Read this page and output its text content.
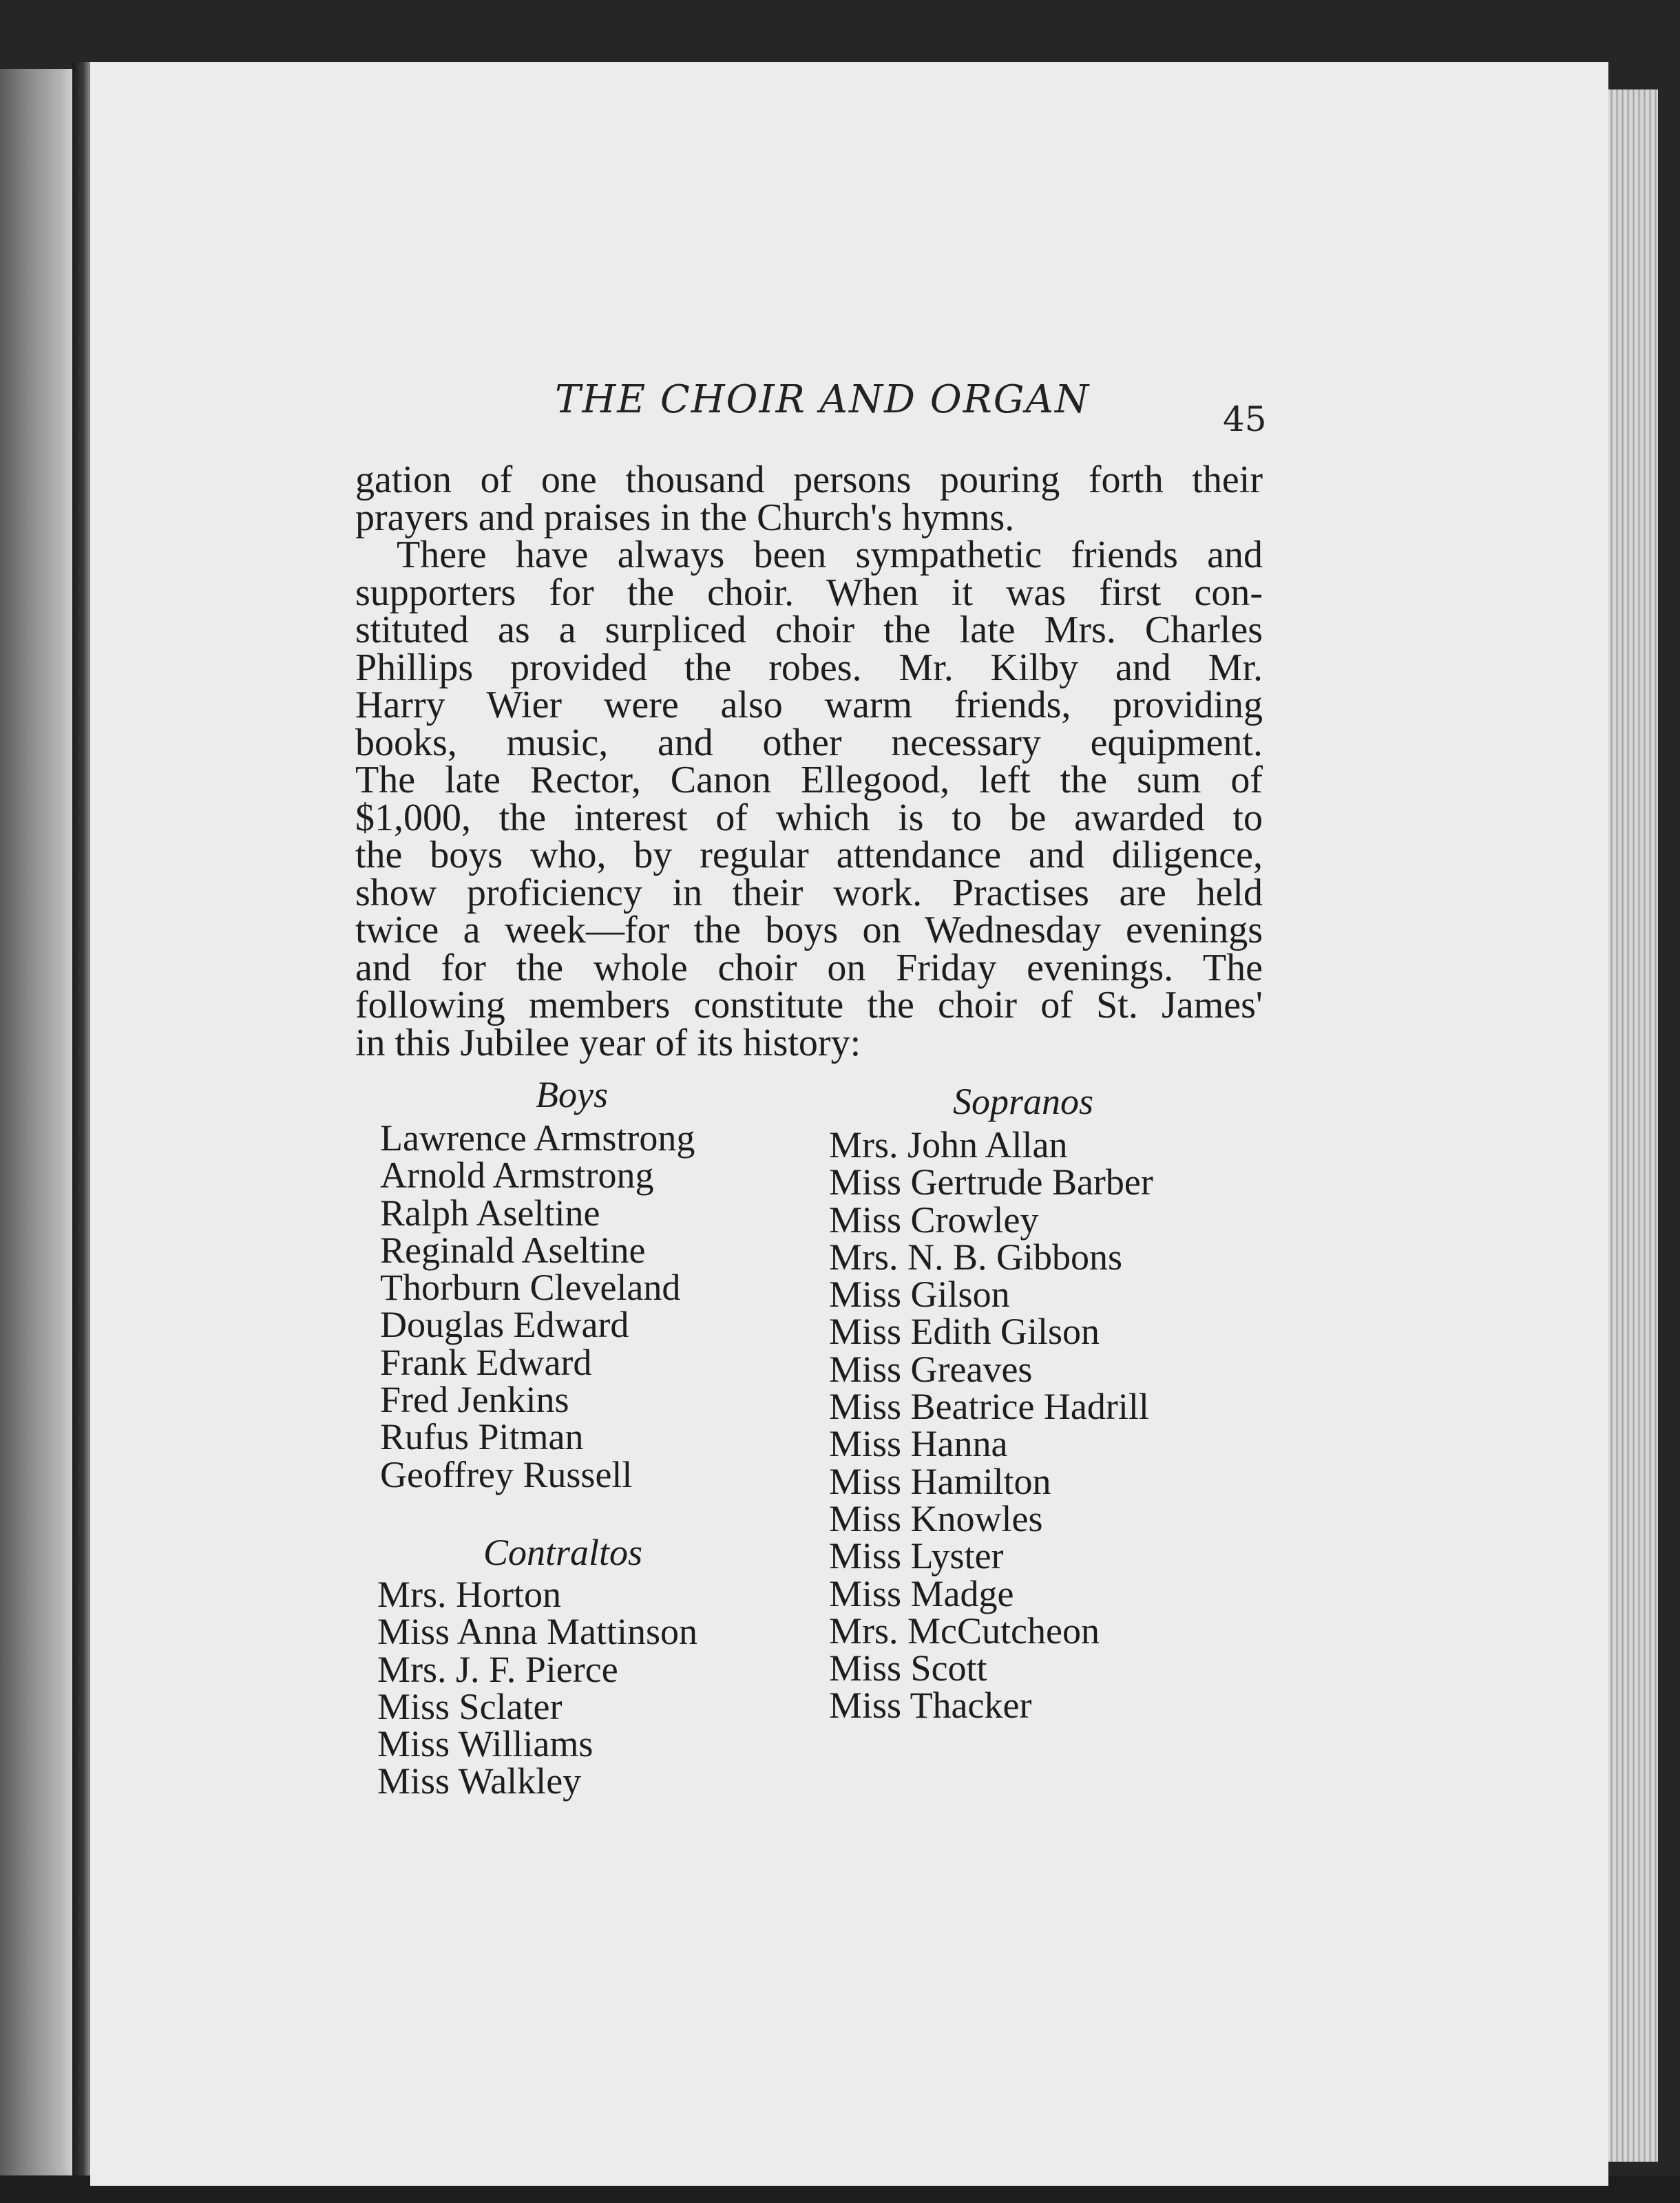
THE CHOIR AND ORGAN	45
gation of one thousand persons pouring forth their
prayers and praises in the Church's hymns.
There have always been sympathetic friends and
supporters for the choir. When it was first con-
stituted as a surpliced choir the late Mrs. Charles
Phillips provided the robes. Mr. Kilby and Mr.
Harry Wier were also warm friends, providing
books, music, and other necessary equipment.
The late Rector, Canon Ellegood, left the sum of
$1,000, the interest of which is to be awarded to
the boys who, by regular attendance and diligence,
show proficiency in their work. Practises are held
twice a week—for the boys on Wednesday evenings
and for the whole choir on Friday evenings. The
following members constitute the choir of St. James'
in this Jubilee year of its history:
Boys
Lawrence Armstrong
Arnold Armstrong
Ralph Aseltine
Reginald Aseltine
Thorburn Cleveland
Douglas Edward
Frank Edward
Fred Jenkins
Rufus Pitman
Geoffrey Russell
Contraltos
Mrs. Horton
Miss Anna Mattinson
Mrs. J. F. Pierce
Miss Sclater
Miss Williams
Miss Walkley
Sopranos
Mrs. John Allan
Miss Gertrude Barber
Miss Crowley
Mrs. N. B. Gibbons
Miss Gilson
Miss Edith Gilson
Miss Greaves
Miss Beatrice Hadrill
Miss Hanna
Miss Hamilton
Miss Knowles
Miss Lyster
Miss Madge
Mrs. McCutcheon
Miss Scott
Miss Thacker
